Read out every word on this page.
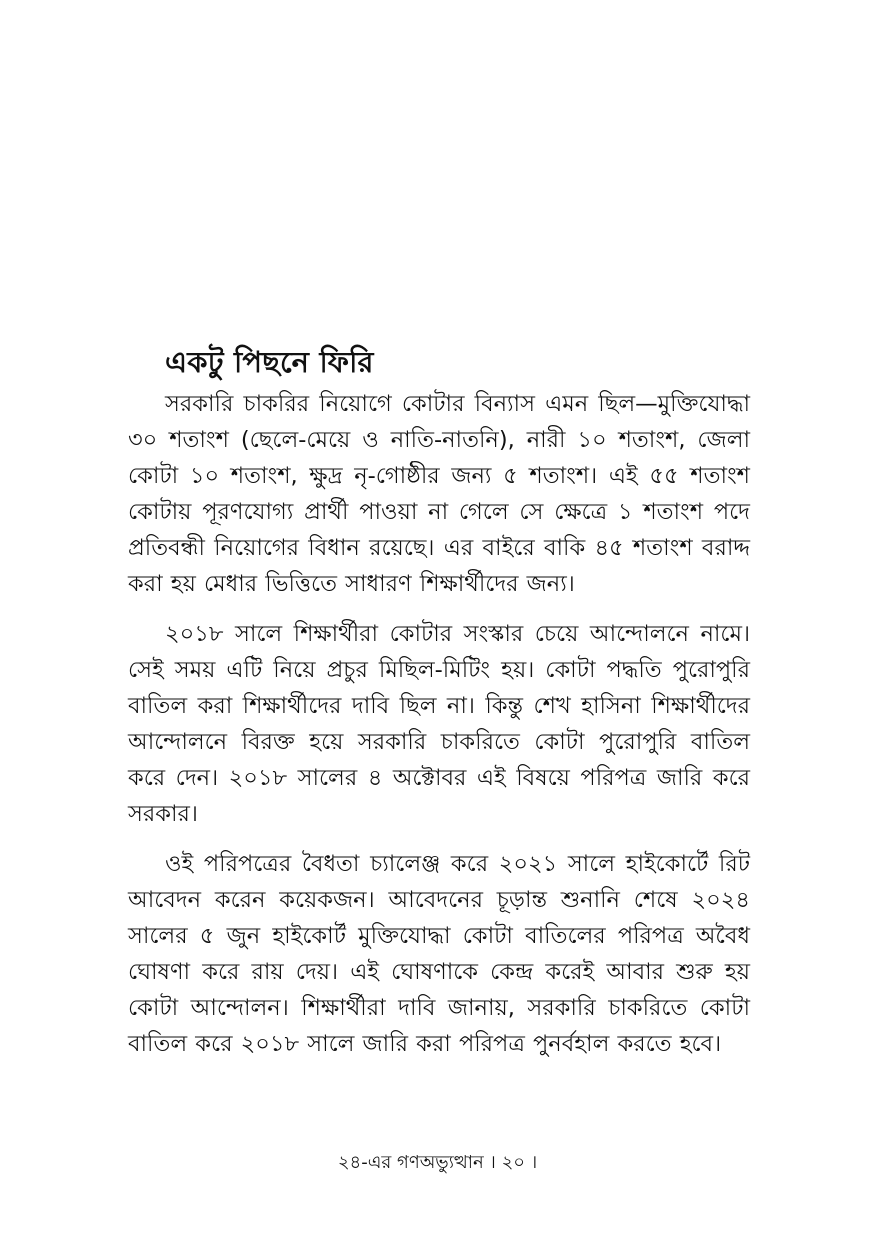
একটু পিছনে ফিরি

সরকারি চাকরির নিয়োগে কোটার বিন্যাস এমন ছিল—মুক্তিযোদ্ধা ৩০ শতাংশ (ছেলে-মেয়ে ও নাতি-নাতনি), নারী ১০ শতাংশ, জেলা কোটা ১০ শতাংশ, ক্ষুদ্র নৃ-গোষ্ঠীর জন্য ৫ শতাংশ। এই ৫৫ শতাংশ কোটায় পূরণযোগ্য প্রার্থী পাওয়া না গেলে সে ক্ষেত্রে ১ শতাংশ পদে প্রতিবন্ধী নিয়োগের বিধান রয়েছে। এর বাইরে বাকি ৪৫ শতাংশ বরাদ্দ করা হয় মেধার ভিত্তিতে সাধারণ শিক্ষার্থীদের জন্য।

২০১৮ সালে শিক্ষার্থীরা কোটার সংস্কার চেয়ে আন্দোলনে নামে। সেই সময় এটি নিয়ে প্রচুর মিছিল-মিটিং হয়। কোটা পদ্ধতি পুরোপুরি বাতিল করা শিক্ষার্থীদের দাবি ছিল না। কিন্তু শেখ হাসিনা শিক্ষার্থীদের আন্দোলনে বিরক্ত হয়ে সরকারি চাকরিতে কোটা পুরোপুরি বাতিল করে দেন। ২০১৮ সালের ৪ অক্টোবর এই বিষয়ে পরিপত্র জারি করে সরকার।

ওই পরিপত্রের বৈধতা চ্যালেঞ্জ করে ২০২১ সালে হাইকোর্টে রিট আবেদন করেন কয়েকজন। আবেদনের চূড়ান্ত শুনানি শেষে ২০২৪ সালের ৫ জুন হাইকোর্ট মুক্তিযোদ্ধা কোটা বাতিলের পরিপত্র অবৈধ ঘোষণা করে রায় দেয়। এই ঘোষণাকে কেন্দ্র করেই আবার শুরু হয় কোটা আন্দোলন। শিক্ষার্থীরা দাবি জানায়, সরকারি চাকরিতে কোটা বাতিল করে ২০১৮ সালে জারি করা পরিপত্র পুনর্বহাল করতে হবে।

২৪-এর গণঅভ্যুত্থান । ২০ ।
